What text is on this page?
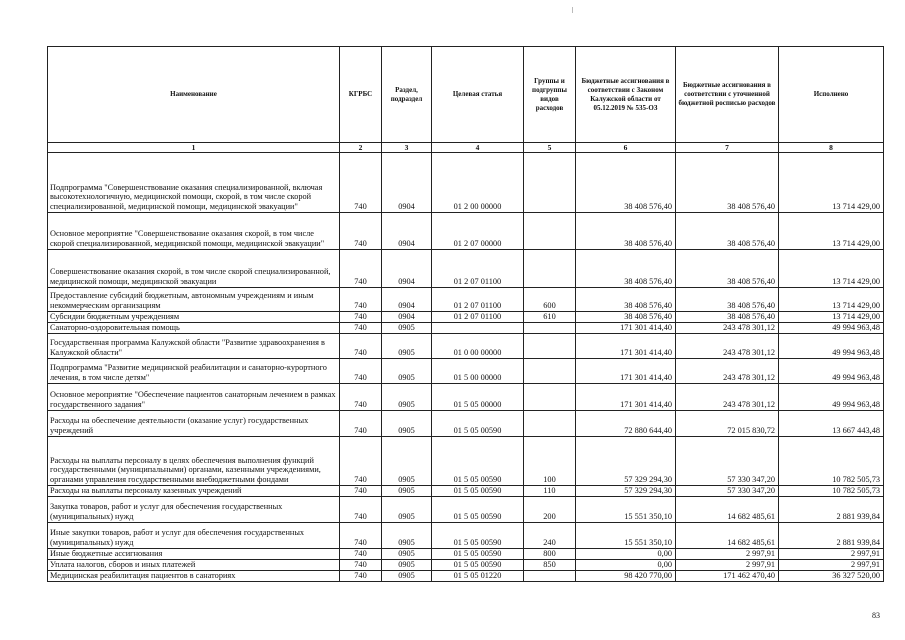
Наименование	КГРБС	Раздел, подраздел	Целевая статья	Группы и подгруппы видов расходов	Бюджетные ассигнования в соответствии с Законом Калужской области от 05.12.2019 № 535-ОЗ	Бюджетные ассигнования в соответствии с уточненной бюджетной росписью расходов	Исполнено
1	2	3	4	5	6	7	8
Подпрограмма "Совершенствование оказания специализированной, включая высокотехнологичную, медицинской помощи, скорой, в том числе скорой специализированной, медицинской помощи, медицинской эвакуации"	740	0904	01 2 00 00000		38 408 576,40	38 408 576,40	13 714 429,00
Основное мероприятие "Совершенствование оказания скорой, в том числе скорой специализированной, медицинской помощи, медицинской эвакуации"	740	0904	01 2 07 00000		38 408 576,40	38 408 576,40	13 714 429,00
Совершенствование оказания скорой, в том числе скорой специализированной, медицинской помощи, медицинской эвакуации	740	0904	01 2 07 01100		38 408 576,40	38 408 576,40	13 714 429,00
Предоставление субсидий бюджетным, автономным учреждениям и иным некоммерческим организациям	740	0904	01 2 07 01100	600	38 408 576,40	38 408 576,40	13 714 429,00
Субсидии бюджетным учреждениям	740	0904	01 2 07 01100	610	38 408 576,40	38 408 576,40	13 714 429,00
Санаторно-оздоровительная помощь	740	0905			171 301 414,40	243 478 301,12	49 994 963,48
Государственная программа Калужской области "Развитие здравоохранения в Калужской области"	740	0905	01 0 00 00000		171 301 414,40	243 478 301,12	49 994 963,48
Подпрограмма "Развитие медицинской реабилитации и санаторно-курортного лечения, в том числе детям"	740	0905	01 5 00 00000		171 301 414,40	243 478 301,12	49 994 963,48
Основное мероприятие "Обеспечение пациентов санаторным лечением в рамках государственного задания"	740	0905	01 5 05 00000		171 301 414,40	243 478 301,12	49 994 963,48
Расходы на обеспечение деятельности (оказание услуг) государственных учреждений	740	0905	01 5 05 00590		72 880 644,40	72 015 830,72	13 667 443,48
Расходы на выплаты персоналу в целях обеспечения выполнения функций государственными (муниципальными) органами, казенными учреждениями, органами управления государственными внебюджетными фондами	740	0905	01 5 05 00590	100	57 329 294,30	57 330 347,20	10 782 505,73
Расходы на выплаты персоналу казенных учреждений	740	0905	01 5 05 00590	110	57 329 294,30	57 330 347,20	10 782 505,73
Закупка товаров, работ и услуг для обеспечения государственных (муниципальных) нужд	740	0905	01 5 05 00590	200	15 551 350,10	14 682 485,61	2 881 939,84
Иные закупки товаров, работ и услуг для обеспечения государственных (муниципальных) нужд	740	0905	01 5 05 00590	240	15 551 350,10	14 682 485,61	2 881 939,84
Иные бюджетные ассигнования	740	0905	01 5 05 00590	800	0,00	2 997,91	2 997,91
Уплата налогов, сборов и иных платежей	740	0905	01 5 05 00590	850	0,00	2 997,91	2 997,91
Медицинская реабилитация пациентов в санаториях	740	0905	01 5 05 01220		98 420 770,00	171 462 470,40	36 327 520,00
83
